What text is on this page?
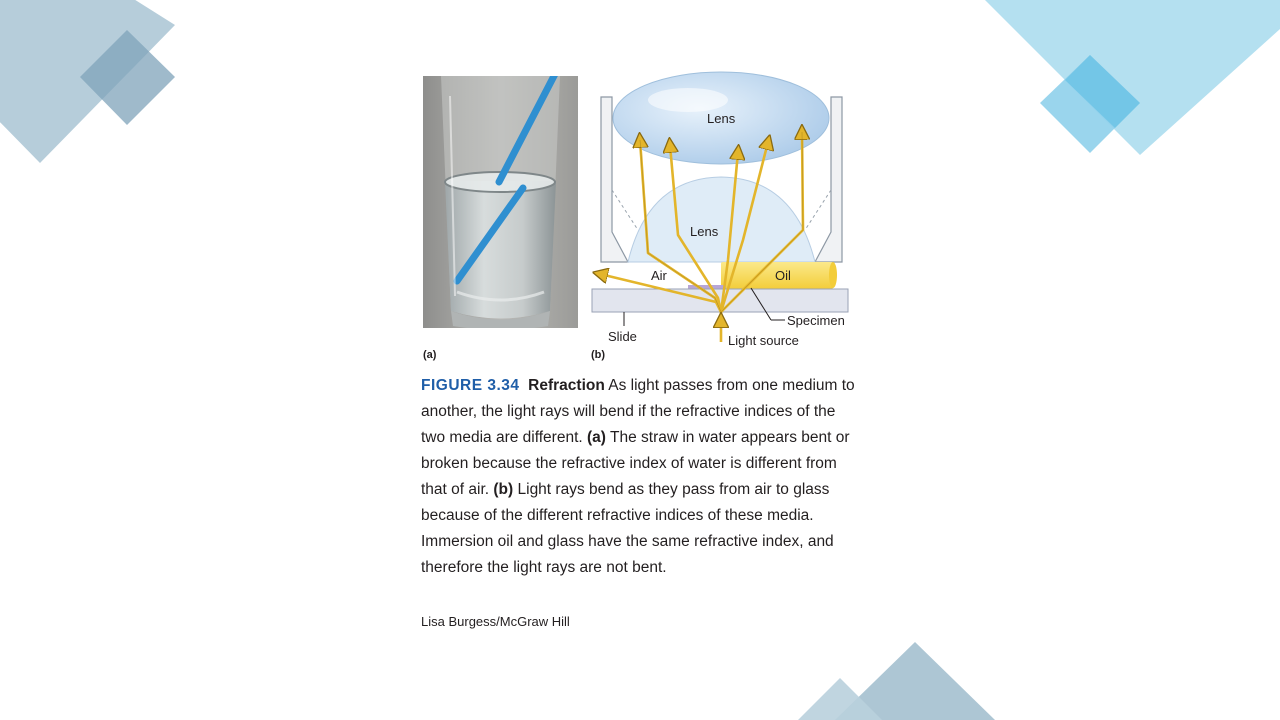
Lens
Lens
Oil
Air
Specimen
Slide	Light source
(a)	(b)
FIGURE 3.34 Refraction As light passes from one medium to another, the light rays will bend if the refractive indices of the two media are different. (a) The straw in water appears bent or broken because the refractive index of water is different from that of air. (b) Light rays bend as they pass from air to glass because of the different refractive indices of these media. Immersion oil and glass have the same refractive index, and therefore the light rays are not bent.
Lisa Burgess/McGraw Hill
